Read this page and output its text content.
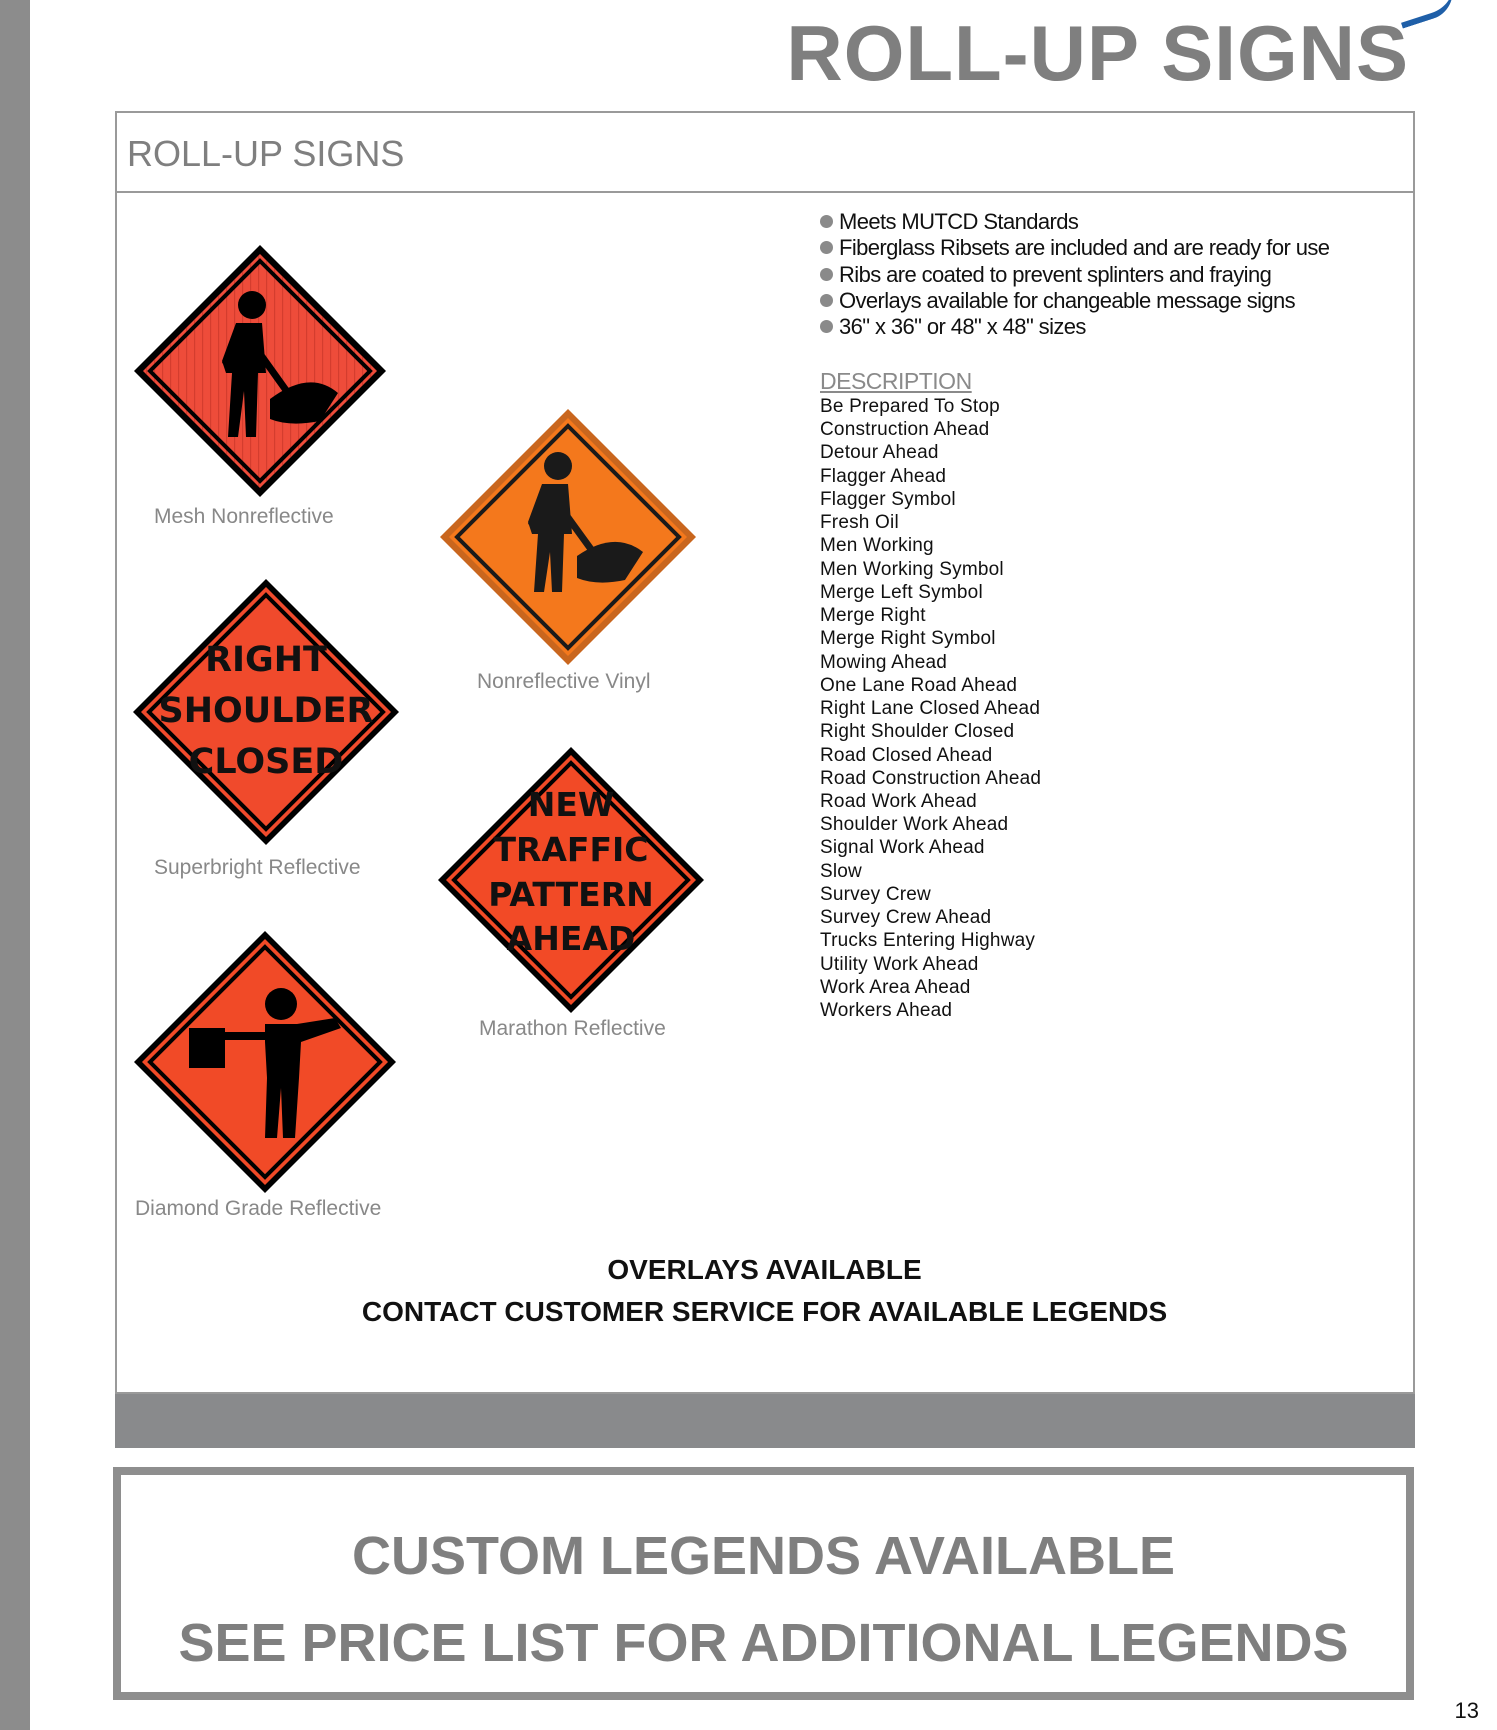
ROLL-UP SIGNS
ROLL-UP SIGNS
Mesh Nonreflective
Nonreflective Vinyl
RIGHT
SHOULDER
CLOSED
Superbright Reflective
NEW
TRAFFIC
PATTERN
AHEAD
Marathon Reflective
Diamond Grade Reflective
Meets MUTCD Standards
Fiberglass Ribsets are included and are ready for use
Ribs are coated to prevent splinters and fraying
Overlays available for changeable message signs
36" x 36" or 48" x 48" sizes
DESCRIPTION
Be Prepared To Stop
Construction Ahead
Detour Ahead
Flagger Ahead
Flagger Symbol
Fresh Oil
Men Working
Men Working Symbol
Merge Left Symbol
Merge Right
Merge Right Symbol
Mowing Ahead
One Lane Road Ahead
Right Lane Closed Ahead
Right Shoulder Closed
Road Closed Ahead
Road Construction Ahead
Road Work Ahead
Shoulder Work Ahead
Signal Work Ahead
Slow
Survey Crew
Survey Crew Ahead
Trucks Entering Highway
Utility Work Ahead
Work Area Ahead
Workers Ahead
OVERLAYS AVAILABLE
CONTACT CUSTOMER SERVICE FOR AVAILABLE LEGENDS
CUSTOM LEGENDS AVAILABLE
SEE PRICE LIST FOR ADDITIONAL LEGENDS
13
